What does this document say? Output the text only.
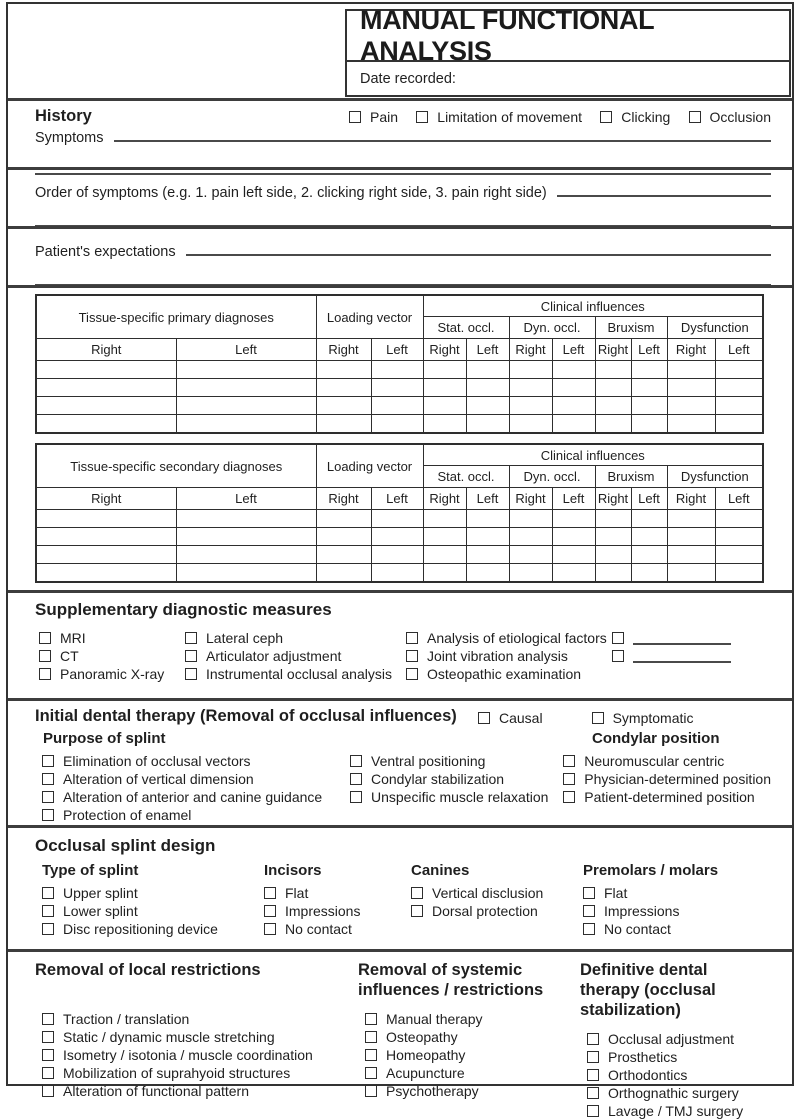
MANUAL FUNCTIONAL ANALYSIS
Date recorded:
History	Pain	Limitation of movement	Clicking	Occlusion
Symptoms
Order of symptoms (e.g. 1. pain left side, 2. clicking right side, 3. pain right side)
Patient's expectations
Tissue-specific primary diagnoses		Loading vector		Clinical influences							
				Stat. occl.		Dyn. occl.		Bruxism		Dysfunction	
Right	Left	Right	Left	Right	Left	Right	Left	Right	Left	Right	Left

Tissue-specific secondary diagnoses		Loading vector		Clinical influences							
				Stat. occl.		Dyn. occl.		Bruxism		Dysfunction	
Right	Left	Right	Left	Right	Left	Right	Left	Right	Left	Right	Left

Supplementary diagnostic measures
MRI
CT
Panoramic X-ray
Lateral ceph
Articulator adjustment
Instrumental occlusal analysis
Analysis of etiological factors
Joint vibration analysis
Osteopathic examination
Initial dental therapy (Removal of occlusal influences)	Causal	Symptomatic
Purpose of splint	Condylar position
Elimination of occlusal vectors
Alteration of vertical dimension
Alteration of anterior and canine guidance
Protection of enamel
Ventral positioning
Condylar stabilization
Unspecific muscle relaxation
Neuromuscular centric
Physician-determined position
Patient-determined position
Occlusal splint design
Type of splint
Upper splint
Lower splint
Disc repositioning device
Incisors
Flat
Impressions
No contact
Canines
Vertical disclusion
Dorsal protection
Premolars / molars
Flat
Impressions
No contact
Removal of local restrictions
Traction / translation
Static / dynamic muscle stretching
Isometry / isotonia / muscle coordination
Mobilization of suprahyoid structures
Alteration of functional pattern
Removal of systemic influences / restrictions
Manual therapy
Osteopathy
Homeopathy
Acupuncture
Psychotherapy
Definitive dental therapy (occlusal stabilization)
Occlusal adjustment
Prosthetics
Orthodontics
Orthognathic surgery
Lavage / TMJ surgery
